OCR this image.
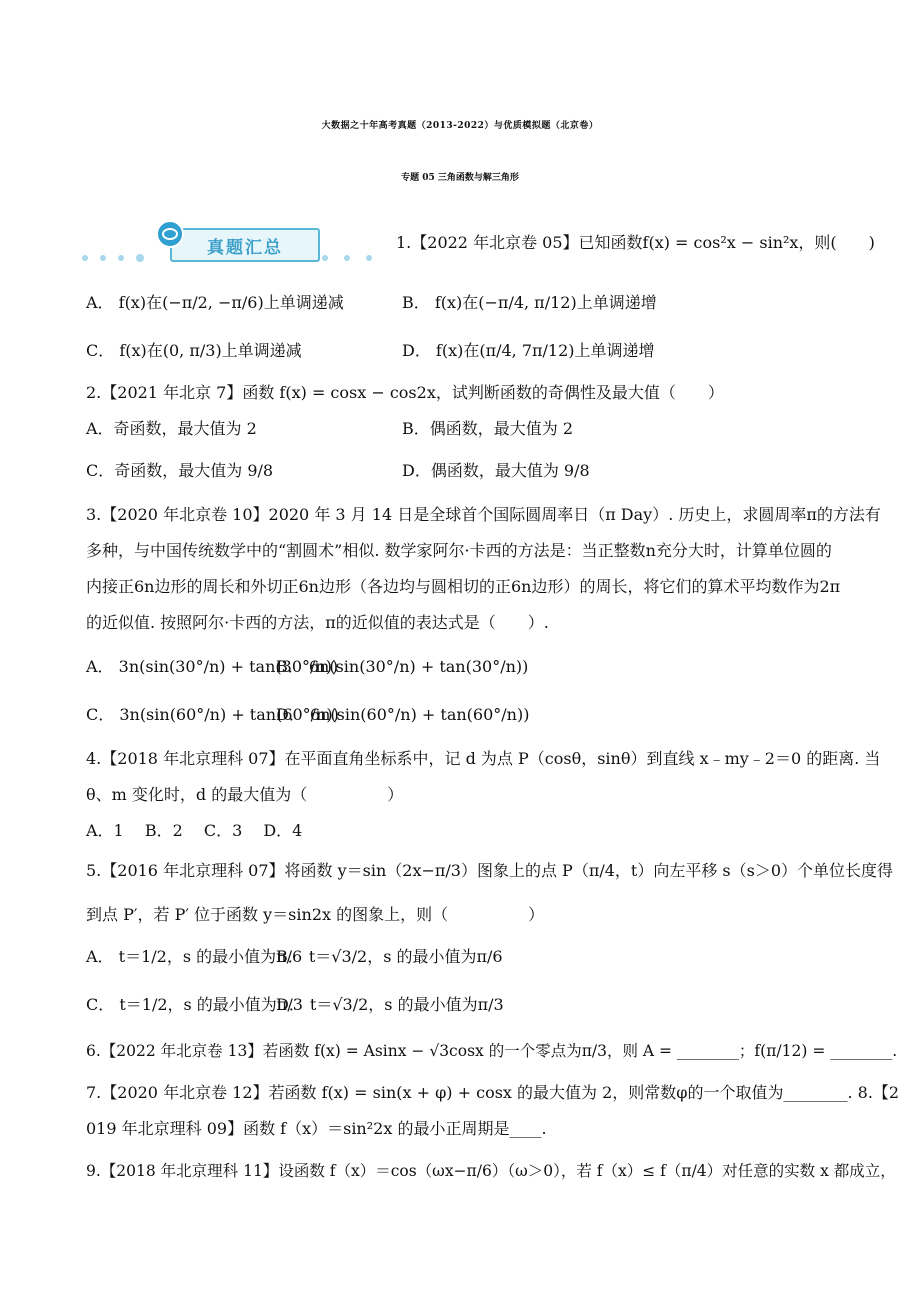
大数据之十年高考真题（2013-2022）与优质模拟题（北京卷）
专题 05 三角函数与解三角形
真题汇总	1.【2022 年北京卷 05】已知函数f(x) = cos²x − sin²x，则(　　)
A． f(x)在(−π/2, −π/6)上单调递减	B． f(x)在(−π/4, π/12)上单调递增
C． f(x)在(0, π/3)上单调递减	D． f(x)在(π/4, 7π/12)上单调递增
2.【2021 年北京 7】函数 f(x) = cosx − cos2x，试判断函数的奇偶性及最大值（　　）
A．奇函数，最大值为 2	B．偶函数，最大值为 2
C．奇函数，最大值为 9/8	D．偶函数，最大值为 9/8
3.【2020 年北京卷 10】2020 年 3 月 14 日是全球首个国际圆周率日（π Day）. 历史上，求圆周率π的方法有
多种，与中国传统数学中的“割圆术”相似. 数学家阿尔·卡西的方法是：当正整数n充分大时，计算单位圆的
内接正6n边形的周长和外切正6n边形（各边均与圆相切的正6n边形）的周长，将它们的算术平均数作为2π
的近似值. 按照阿尔·卡西的方法，π的近似值的表达式是（　　）.
A． 3n(sin(30°/n) + tan(30°/n))
B． 6n(sin(30°/n) + tan(30°/n))
C． 3n(sin(60°/n) + tan(60°/n))
D． 6n(sin(60°/n) + tan(60°/n))
4.【2018 年北京理科 07】在平面直角坐标系中，记 d 为点 P（cosθ，sinθ）到直线 x﹣my﹣2＝0 的距离. 当
θ、m 变化时，d 的最大值为（　　　　　）
A．1　 B．2　 C．3　 D．4
5.【2016 年北京理科 07】将函数 y＝sin（2x−π/3）图象上的点 P（π/4，t）向左平移 s（s＞0）个单位长度得
到点 P′，若 P′ 位于函数 y＝sin2x 的图象上，则（　　　　　）
A． t＝1/2，s 的最小值为π/6
B． t＝√3/2，s 的最小值为π/6
C． t＝1/2，s 的最小值为π/3
D． t＝√3/2，s 的最小值为π/3
6.【2022 年北京卷 13】若函数 f(x) = Asinx − √3cosx 的一个零点为π/3，则 A = ________；f(π/12) = ________.
7.【2020 年北京卷 12】若函数 f(x) = sin(x + φ) + cosx 的最大值为 2，则常数φ的一个取值为________. 8.【2
019 年北京理科 09】函数 f（x）＝sin²2x 的最小正周期是____.
9.【2018 年北京理科 11】设函数 f（x）＝cos（ωx−π/6）（ω＞0），若 f（x）≤ f（π/4）对任意的实数 x 都成立，
